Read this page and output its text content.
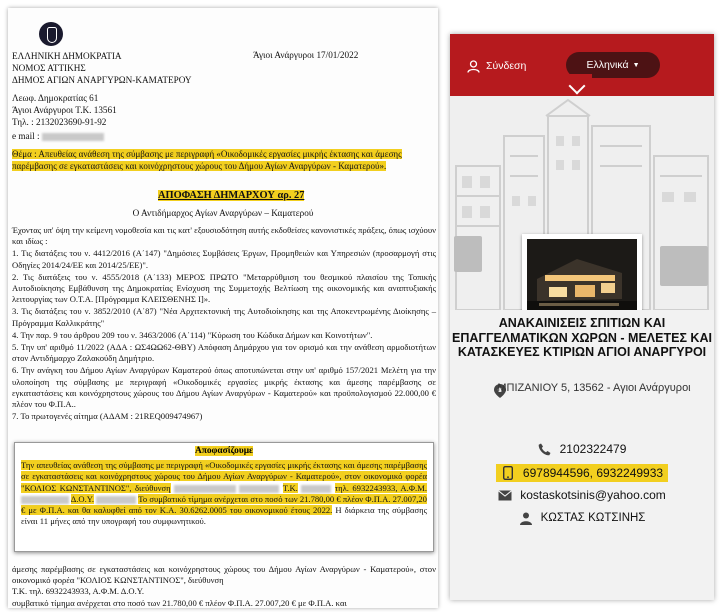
ΕΛΛΗΝΙΚΗ ΔΗΜΟΚΡΑΤΙΑ	Άγιοι Ανάργυροι 17/01/2022
ΝΟΜΟΣ ΑΤΤΙΚΗΣ
ΔΗΜΟΣ ΑΓΙΩΝ ΑΝΑΡΓΥΡΩΝ-ΚΑΜΑΤΕΡΟΥ
Λεωφ. Δημοκρατίας 61
Άγιοι Ανάργυροι Τ.Κ. 13561
Τηλ. : 2132023690-91-92
e mail :
Θέμα : Απευθείας ανάθεση της σύμβασης με περιγραφή «Οικοδομικές εργασίες μικρής έκτασης και άμεσης παρέμβασης σε εγκαταστάσεις και κοινόχρηστους χώρους του Δήμου Αγίων Αναργύρων - Καματερού».
ΑΠΟΦΑΣΗ ΔΗΜΑΡΧΟΥ αρ. 27
Ο Αντιδήμαρχος Αγίων Αναργύρων – Καματερού

Έχοντας υπ' όψη την κείμενη νομοθεσία και τις κατ' εξουσιοδότηση αυτής εκδοθείσες κανονιστικές πράξεις, όπως ισχύουν και ιδίως :

1. Τις διατάξεις του ν. 4412/2016 (Α΄147) "Δημόσιες Συμβάσεις Έργων, Προμηθειών και Υπηρεσιών (προσαρμογή στις Οδηγίες 2014/24/ΕΕ και 2014/25/ΕΕ)".

2. Τις διατάξεις του ν. 4555/2018 (Α΄133) ΜΕΡΟΣ ΠΡΩΤΟ "Μεταρρύθμιση του θεσμικού πλαισίου της Τοπικής Αυτοδιοίκησης Εμβάθυνση της Δημοκρατίας Ενίσχυση της Συμμετοχής Βελτίωση της οικονομικής και αναπτυξιακής λειτουργίας των Ο.Τ.Α. [Πρόγραμμα ΚΛΕΙΣΘΕΝΗΣ Ι]».

3. Τις διατάξεις του ν. 3852/2010 (Α΄87) "Νέα Αρχιτεκτονική της Αυτοδιοίκησης και της Αποκεντρωμένης Διοίκησης – Πρόγραμμα Καλλικράτης"

4. Την παρ. 9 του άρθρου 209 του ν. 3463/2006 (Α΄114) "Κύρωση του Κώδικα Δήμων και Κοινοτήτων".

5. Την υπ' αριθμό 11/2022 (ΑΔΑ : ΩΣ4ΩΩ62-ΘΒΥ) Απόφαση Δημάρχου για τον ορισμό και την ανάθεση αρμοδιοτήτων στον Αντιδήμαρχο Ζαλακούδη Δημήτριο.

6. Την ανάγκη του Δήμου Αγίων Αναργύρων Καματερού όπως αποτυπώνεται στην υπ' αριθμό 157/2021 Μελέτη για την υλοποίηση της σύμβασης με περιγραφή «Οικοδομικές εργασίες μικρής έκτασης και άμεσης παρέμβασης σε εγκαταστάσεις και κοινόχρηστους χώρους του Δήμου Αγίων Αναργύρων - Καματερού» και προϋπολογισμού 22.000,00 € πλέον του Φ.Π.Α..

7. Το πρωτογενές αίτημα (ΑΔΑΜ : 21REQ009474967)

άμεσης παρέμβασης σε εγκαταστάσεις και κοινόχρηστους χώρους του Δήμου Αγίων Αναργύρων - Καματερού», στον οικονομικό φορέα "ΚΟΛΙΟΣ ΚΩΝΣΤΑΝΤΙΝΟΣ", διεύθυνση
Τ.Κ. τηλ. 6932243933, Α.Φ.Μ. Δ.Ο.Υ.
συμβατικό τίμημα ανέρχεται στο ποσό των 21.780,00 € πλέον Φ.Π.Α. 27.007,20 € με Φ.Π.Α. και
Αποφασίζουμε
Την απευθείας ανάθεση της σύμβασης με περιγραφή «Οικοδομικές εργασίες μικρής έκτασης και άμεσης παρέμβασης σε εγκαταστάσεις και κοινόχρηστους χώρους του Δήμου Αγίων Αναργύρων - Καματερού», στον οικονομικό φορέα "ΚΟΛΙΟΣ ΚΩΝΣΤΑΝΤΙΝΟΣ", διεύθυνση	Τ.Κ.	τηλ. 6932243933, Α.Φ.Μ.  Δ.Ο.Υ.	Το συμβατικό τίμημα ανέρχεται στο ποσό των 21.780,00 € πλέον Φ.Π.Α. 27.007,20 € με Φ.Π.Α. και θα καλυφθεί από τον Κ.Α. 30.6262.0005 του οικονομικού έτους 2022. Η διάρκεια της σύμβασης είναι 11 μήνες από την υπογραφή του συμφωνητικού.
Σύνδεση	Ελληνικά ▼
ΑΝΑΚΑΙΝΙΣΕΙΣ ΣΠΙΤΙΩΝ ΚΑΙ ΕΠΑΓΓΕΛΜΑΤΙΚΩΝ ΧΩΡΩΝ - ΜΕΛΕΤΕΣ ΚΑΙ ΚΑΤΑΣΚΕΥΕΣ ΚΤΙΡΙΩΝ ΑΓΙΟΙ ΑΝΑΡΓΥΡΟΙ
ΜΠΙΖΑΝΙΟΥ 5, 13562 - Αγιοι Ανάργυροι
2102322479
6978944596, 6932249933
kostaskotsinis@yahoo.com
ΚΩΣΤΑΣ ΚΩΤΣΙΝΗΣ
